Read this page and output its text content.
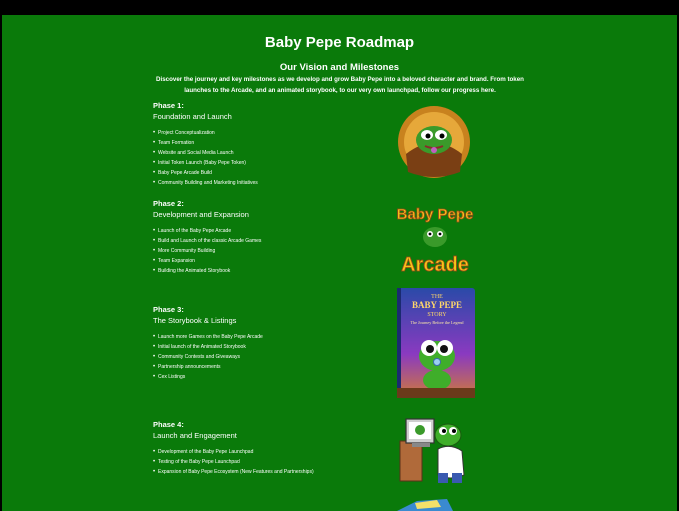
Baby Pepe Roadmap
Our Vision and Milestones
Discover the journey and key milestones as we develop and grow Baby Pepe into a beloved character and brand. From token launches to the Arcade, and an animated storybook, to our very own launchpad, follow our progress here.
Phase 1:
Foundation and Launch
• Project Conceptualization
• Team Formation
• Website and Social Media Launch
• Initial Token Launch (Baby Pepe Token)
• Baby Pepe Arcade Build
• Community Building and Marketing Initiatives
Phase 2:
Development and Expansion
• Launch of the Baby Pepe Arcade
• Build and Launch of the classic Arcade Games
• More Community Building
• Team Expansion
• Building the Animated Storybook
Phase 3:
The Storybook & Listings
• Launch more Games on the Baby Pepe Arcade
• Initial launch of the Animated Storybook
• Community Contests and Giveaways
• Partnership announcements
• Cex Listings
Phase 4:
Launch and Engagement
• Development of the Baby Pepe Launchpad
• Testing of the Baby Pepe Launchpad
• Expansion of Baby Pepe Ecosystem (New Features and Partnerships)
Baby Pepe
Arcade
THE
BABY PEPE
STORY
The Journey Before the Legend
